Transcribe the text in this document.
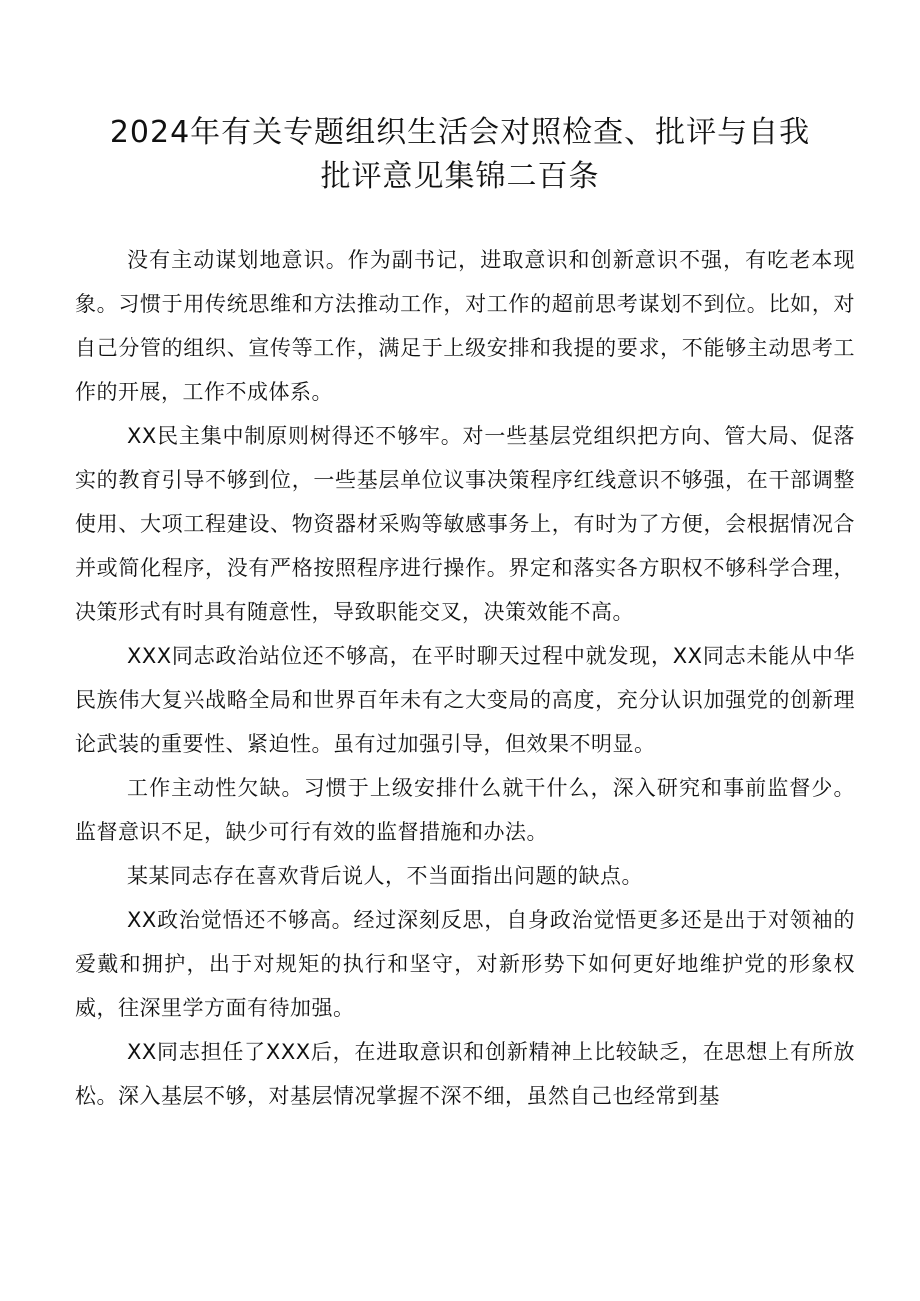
2024年有关专题组织生活会对照检查、批评与自我
批评意见集锦二百条

没有主动谋划地意识。作为副书记，进取意识和创新意识不强，有吃老本现象。习惯于用传统思维和方法推动工作，对工作的超前思考谋划不到位。比如，对自己分管的组织、宣传等工作，满足于上级安排和我提的要求，不能够主动思考工作的开展，工作不成体系。

XX民主集中制原则树得还不够牢。对一些基层党组织把方向、管大局、促落实的教育引导不够到位，一些基层单位议事决策程序红线意识不够强，在干部调整使用、大项工程建设、物资器材采购等敏感事务上，有时为了方便，会根据情况合并或简化程序，没有严格按照程序进行操作。界定和落实各方职权不够科学合理，决策形式有时具有随意性，导致职能交叉，决策效能不高。

XXX同志政治站位还不够高，在平时聊天过程中就发现，XX同志未能从中华民族伟大复兴战略全局和世界百年未有之大变局的高度，充分认识加强党的创新理论武装的重要性、紧迫性。虽有过加强引导，但效果不明显。

工作主动性欠缺。习惯于上级安排什么就干什么，深入研究和事前监督少。监督意识不足，缺少可行有效的监督措施和办法。

某某同志存在喜欢背后说人，不当面指出问题的缺点。

XX政治觉悟还不够高。经过深刻反思，自身政治觉悟更多还是出于对领袖的爱戴和拥护，出于对规矩的执行和坚守，对新形势下如何更好地维护党的形象权威，往深里学方面有待加强。

XX同志担任了XXX后，在进取意识和创新精神上比较缺乏，在思想上有所放松。深入基层不够，对基层情况掌握不深不细，虽然自己也经常到基
